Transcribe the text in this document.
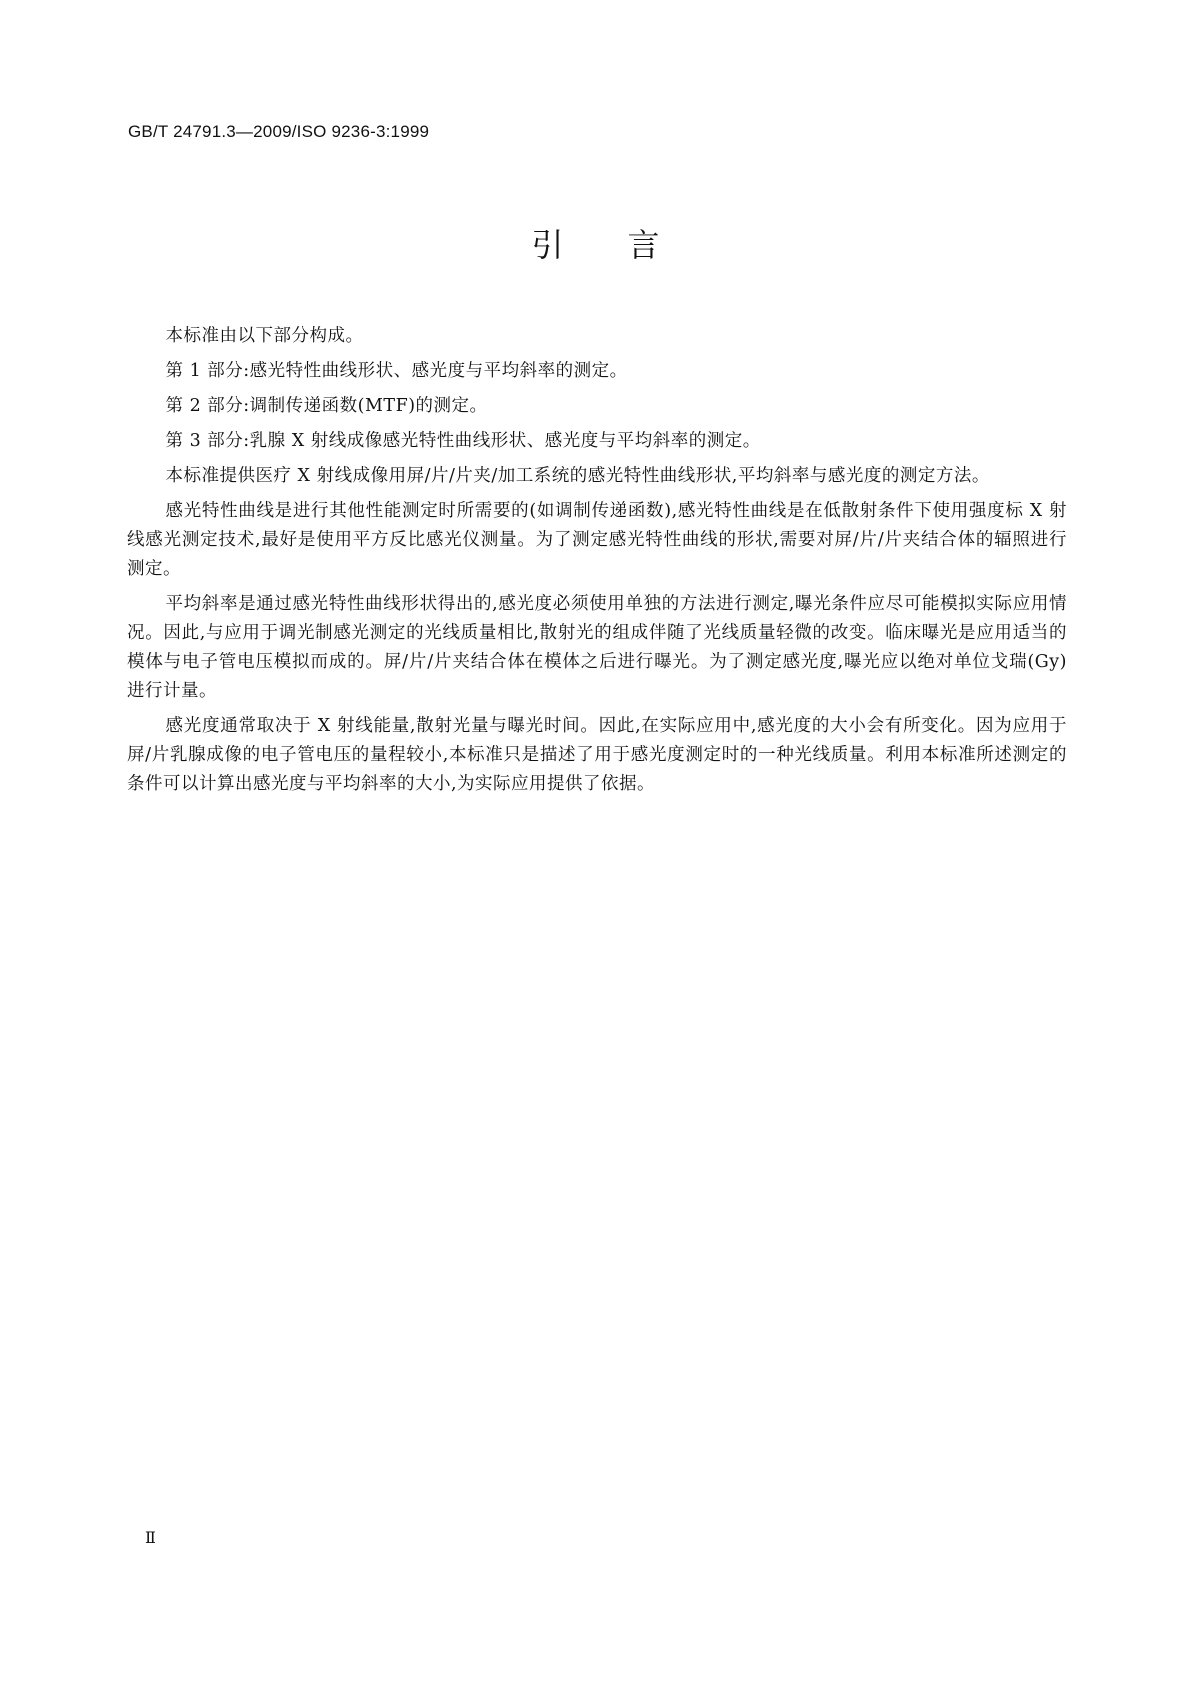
GB/T 24791.3—2009/ISO 9236-3:1999
引言

本标准由以下部分构成。

第 1 部分:感光特性曲线形状、感光度与平均斜率的测定。

第 2 部分:调制传递函数(MTF)的测定。

第 3 部分:乳腺 X 射线成像感光特性曲线形状、感光度与平均斜率的测定。

本标准提供医疗 X 射线成像用屏/片/片夹/加工系统的感光特性曲线形状,平均斜率与感光度的测定方法。

感光特性曲线是进行其他性能测定时所需要的(如调制传递函数),感光特性曲线是在低散射条件下使用强度标 X 射线感光测定技术,最好是使用平方反比感光仪测量。为了测定感光特性曲线的形状,需要对屏/片/片夹结合体的辐照进行测定。

平均斜率是通过感光特性曲线形状得出的,感光度必须使用单独的方法进行测定,曝光条件应尽可能模拟实际应用情况。因此,与应用于调光制感光测定的光线质量相比,散射光的组成伴随了光线质量轻微的改变。临床曝光是应用适当的模体与电子管电压模拟而成的。屏/片/片夹结合体在模体之后进行曝光。为了测定感光度,曝光应以绝对单位戈瑞(Gy)进行计量。

感光度通常取决于 X 射线能量,散射光量与曝光时间。因此,在实际应用中,感光度的大小会有所变化。因为应用于屏/片乳腺成像的电子管电压的量程较小,本标准只是描述了用于感光度测定时的一种光线质量。利用本标准所述测定的条件可以计算出感光度与平均斜率的大小,为实际应用提供了依据。

Ⅱ
